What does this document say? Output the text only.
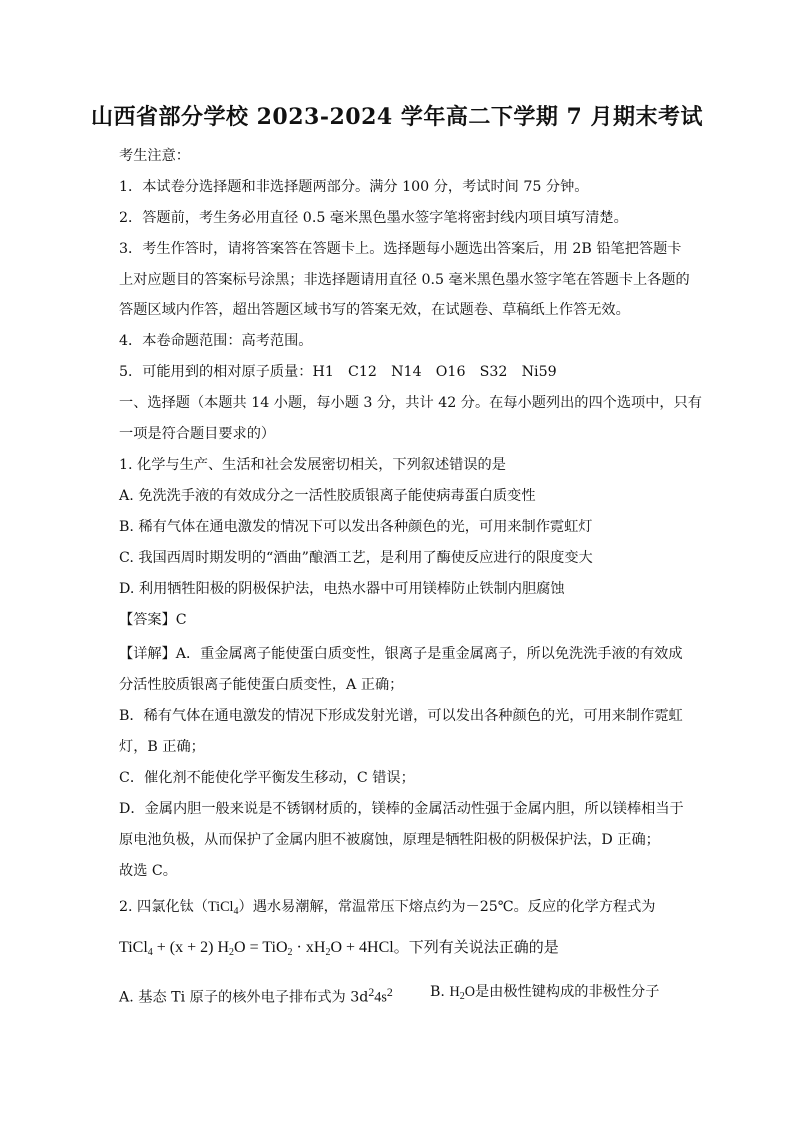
山西省部分学校 2023-2024 学年高二下学期 7 月期末考试
考生注意：
1．本试卷分选择题和非选择题两部分。满分 100 分，考试时间 75 分钟。
2．答题前，考生务必用直径 0.5 毫米黑色墨水签字笔将密封线内项目填写清楚。
3．考生作答时，请将答案答在答题卡上。选择题每小题选出答案后，用 2B 铅笔把答题卡
上对应题目的答案标号涂黑；非选择题请用直径 0.5 毫米黑色墨水签字笔在答题卡上各题的
答题区域内作答，超出答题区域书写的答案无效，在试题卷、草稿纸上作答无效。
4．本卷命题范围：高考范围。
5．可能用到的相对原子质量：H1　C12　N14　O16　S32　Ni59
一、选择题（本题共 14 小题，每小题 3 分，共计 42 分。在每小题列出的四个选项中，只有
一项是符合题目要求的）
1. 化学与生产、生活和社会发展密切相关，下列叙述错误的是
A. 免洗洗手液的有效成分之一活性胶质银离子能使病毒蛋白质变性
B. 稀有气体在通电激发的情况下可以发出各种颜色的光，可用来制作霓虹灯
C. 我国西周时期发明的“酒曲”酿酒工艺，是利用了酶使反应进行的限度变大
D. 利用牺牲阳极的阴极保护法，电热水器中可用镁棒防止铁制内胆腐蚀
【答案】C
【详解】A．重金属离子能使蛋白质变性，银离子是重金属离子，所以免洗洗手液的有效成
分活性胶质银离子能使蛋白质变性，A 正确；
B．稀有气体在通电激发的情况下形成发射光谱，可以发出各种颜色的光，可用来制作霓虹
灯，B 正确；
C．催化剂不能使化学平衡发生移动，C 错误；
D．金属内胆一般来说是不锈钢材质的，镁棒的金属活动性强于金属内胆，所以镁棒相当于
原电池负极，从而保护了金属内胆不被腐蚀，原理是牺牲阳极的阴极保护法，D 正确；
故选 C。
2. 四氯化钛（TiCl$_4$）遇水易潮解，常温常压下熔点约为－25℃。反应的化学方程式为
TiCl$_4$ + (x + 2) $H_2O = TiO_2 \cdot xH_2O + 4HCl$。下列有关说法正确的是
A. 基态 Ti 原子的核外电子排布式为 $3d^24s^2$	B. $H_2O$是由极性键构成的非极性分子
